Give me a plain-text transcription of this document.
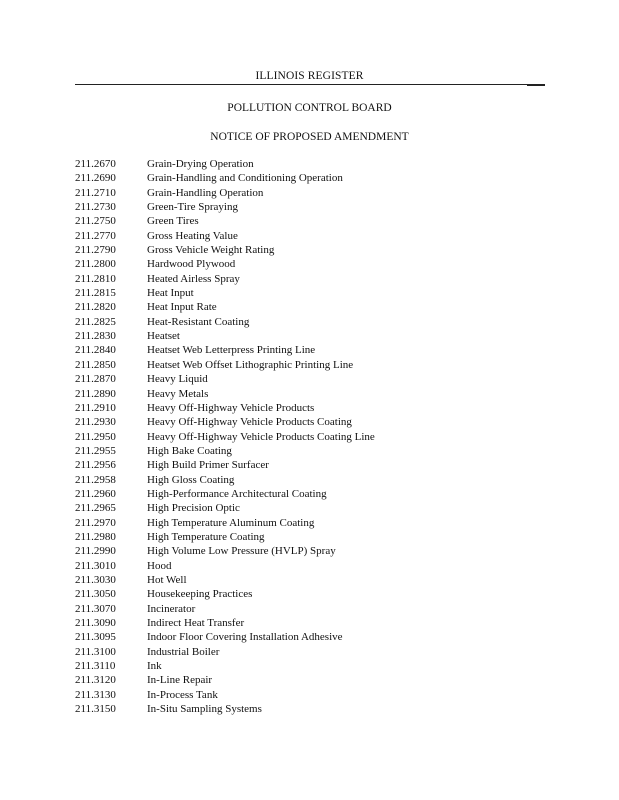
ILLINOIS REGISTER
POLLUTION CONTROL BOARD
NOTICE OF PROPOSED AMENDMENT
211.2670	Grain-Drying Operation
211.2690	Grain-Handling and Conditioning Operation
211.2710	Grain-Handling Operation
211.2730	Green-Tire Spraying
211.2750	Green Tires
211.2770	Gross Heating Value
211.2790	Gross Vehicle Weight Rating
211.2800	Hardwood Plywood
211.2810	Heated Airless Spray
211.2815	Heat Input
211.2820	Heat Input Rate
211.2825	Heat-Resistant Coating
211.2830	Heatset
211.2840	Heatset Web Letterpress Printing Line
211.2850	Heatset Web Offset Lithographic Printing Line
211.2870	Heavy Liquid
211.2890	Heavy Metals
211.2910	Heavy Off-Highway Vehicle Products
211.2930	Heavy Off-Highway Vehicle Products Coating
211.2950	Heavy Off-Highway Vehicle Products Coating Line
211.2955	High Bake Coating
211.2956	High Build Primer Surfacer
211.2958	High Gloss Coating
211.2960	High-Performance Architectural Coating
211.2965	High Precision Optic
211.2970	High Temperature Aluminum Coating
211.2980	High Temperature Coating
211.2990	High Volume Low Pressure (HVLP) Spray
211.3010	Hood
211.3030	Hot Well
211.3050	Housekeeping Practices
211.3070	Incinerator
211.3090	Indirect Heat Transfer
211.3095	Indoor Floor Covering Installation Adhesive
211.3100	Industrial Boiler
211.3110	Ink
211.3120	In-Line Repair
211.3130	In-Process Tank
211.3150	In-Situ Sampling Systems
